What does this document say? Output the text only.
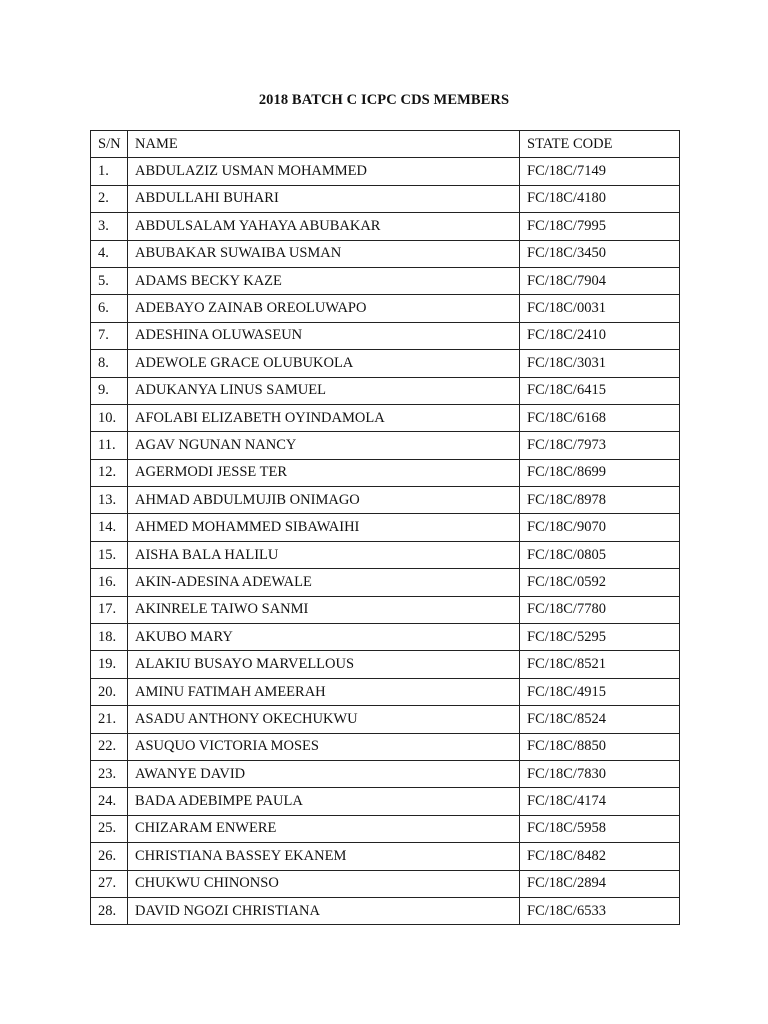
2018 BATCH C ICPC CDS MEMBERS
S/N	NAME	STATE CODE
1.	ABDULAZIZ USMAN MOHAMMED	FC/18C/7149
2.	ABDULLAHI BUHARI	FC/18C/4180
3.	ABDULSALAM YAHAYA ABUBAKAR	FC/18C/7995
4.	ABUBAKAR SUWAIBA USMAN	FC/18C/3450
5.	ADAMS BECKY KAZE	FC/18C/7904
6.	ADEBAYO ZAINAB OREOLUWAPO	FC/18C/0031
7.	ADESHINA OLUWASEUN	FC/18C/2410
8.	ADEWOLE GRACE OLUBUKOLA	FC/18C/3031
9.	ADUKANYA LINUS SAMUEL	FC/18C/6415
10.	AFOLABI ELIZABETH OYINDAMOLA	FC/18C/6168
11.	AGAV NGUNAN NANCY	FC/18C/7973
12.	AGERMODI JESSE TER	FC/18C/8699
13.	AHMAD ABDULMUJIB ONIMAGO	FC/18C/8978
14.	AHMED MOHAMMED SIBAWAIHI	FC/18C/9070
15.	AISHA BALA HALILU	FC/18C/0805
16.	AKIN-ADESINA ADEWALE	FC/18C/0592
17.	AKINRELE TAIWO SANMI	FC/18C/7780
18.	AKUBO MARY	FC/18C/5295
19.	ALAKIU BUSAYO MARVELLOUS	FC/18C/8521
20.	AMINU FATIMAH AMEERAH	FC/18C/4915
21.	ASADU ANTHONY OKECHUKWU	FC/18C/8524
22.	ASUQUO VICTORIA MOSES	FC/18C/8850
23.	AWANYE DAVID	FC/18C/7830
24.	BADA ADEBIMPE PAULA	FC/18C/4174
25.	CHIZARAM ENWERE	FC/18C/5958
26.	CHRISTIANA BASSEY EKANEM	FC/18C/8482
27.	CHUKWU CHINONSO	FC/18C/2894
28.	DAVID NGOZI CHRISTIANA	FC/18C/6533
